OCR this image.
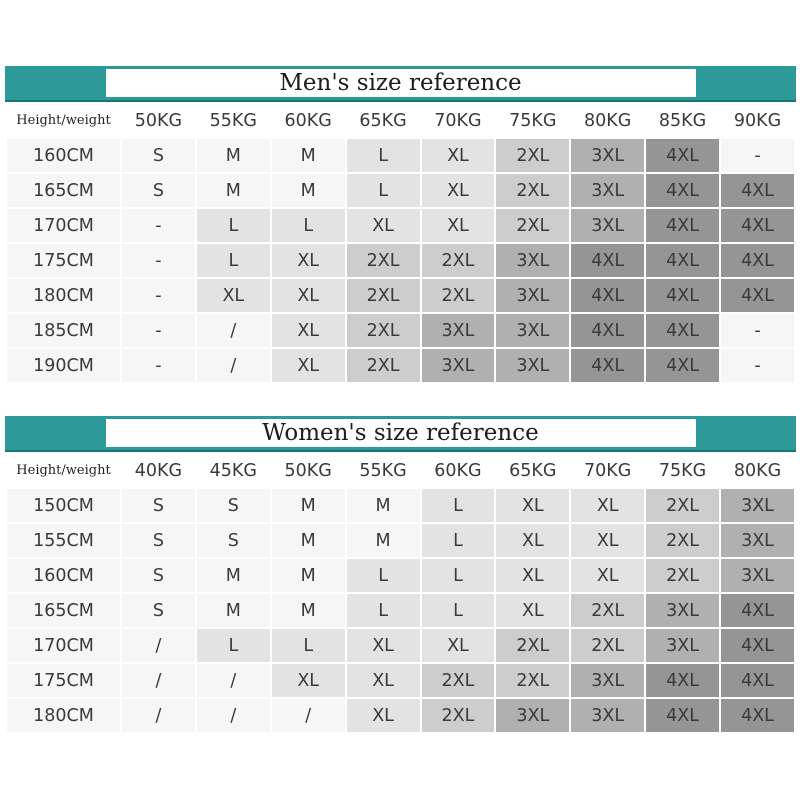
Men's size reference
Height/weight	50KG	55KG	60KG	65KG	70KG	75KG	80KG	85KG	90KG
160CM	S	M	M	L	XL	2XL	3XL	4XL	-
165CM	S	M	M	L	XL	2XL	3XL	4XL	4XL
170CM	-	L	L	XL	XL	2XL	3XL	4XL	4XL
175CM	-	L	XL	2XL	2XL	3XL	4XL	4XL	4XL
180CM	-	XL	XL	2XL	2XL	3XL	4XL	4XL	4XL
185CM	-	/	XL	2XL	3XL	3XL	4XL	4XL	-
190CM	-	/	XL	2XL	3XL	3XL	4XL	4XL	-
Women's size reference
Height/weight	40KG	45KG	50KG	55KG	60KG	65KG	70KG	75KG	80KG
150CM	S	S	M	M	L	XL	XL	2XL	3XL
155CM	S	S	M	M	L	XL	XL	2XL	3XL
160CM	S	M	M	L	L	XL	XL	2XL	3XL
165CM	S	M	M	L	L	XL	2XL	3XL	4XL
170CM	/	L	L	XL	XL	2XL	2XL	3XL	4XL
175CM	/	/	XL	XL	2XL	2XL	3XL	4XL	4XL
180CM	/	/	/	XL	2XL	3XL	3XL	4XL	4XL
